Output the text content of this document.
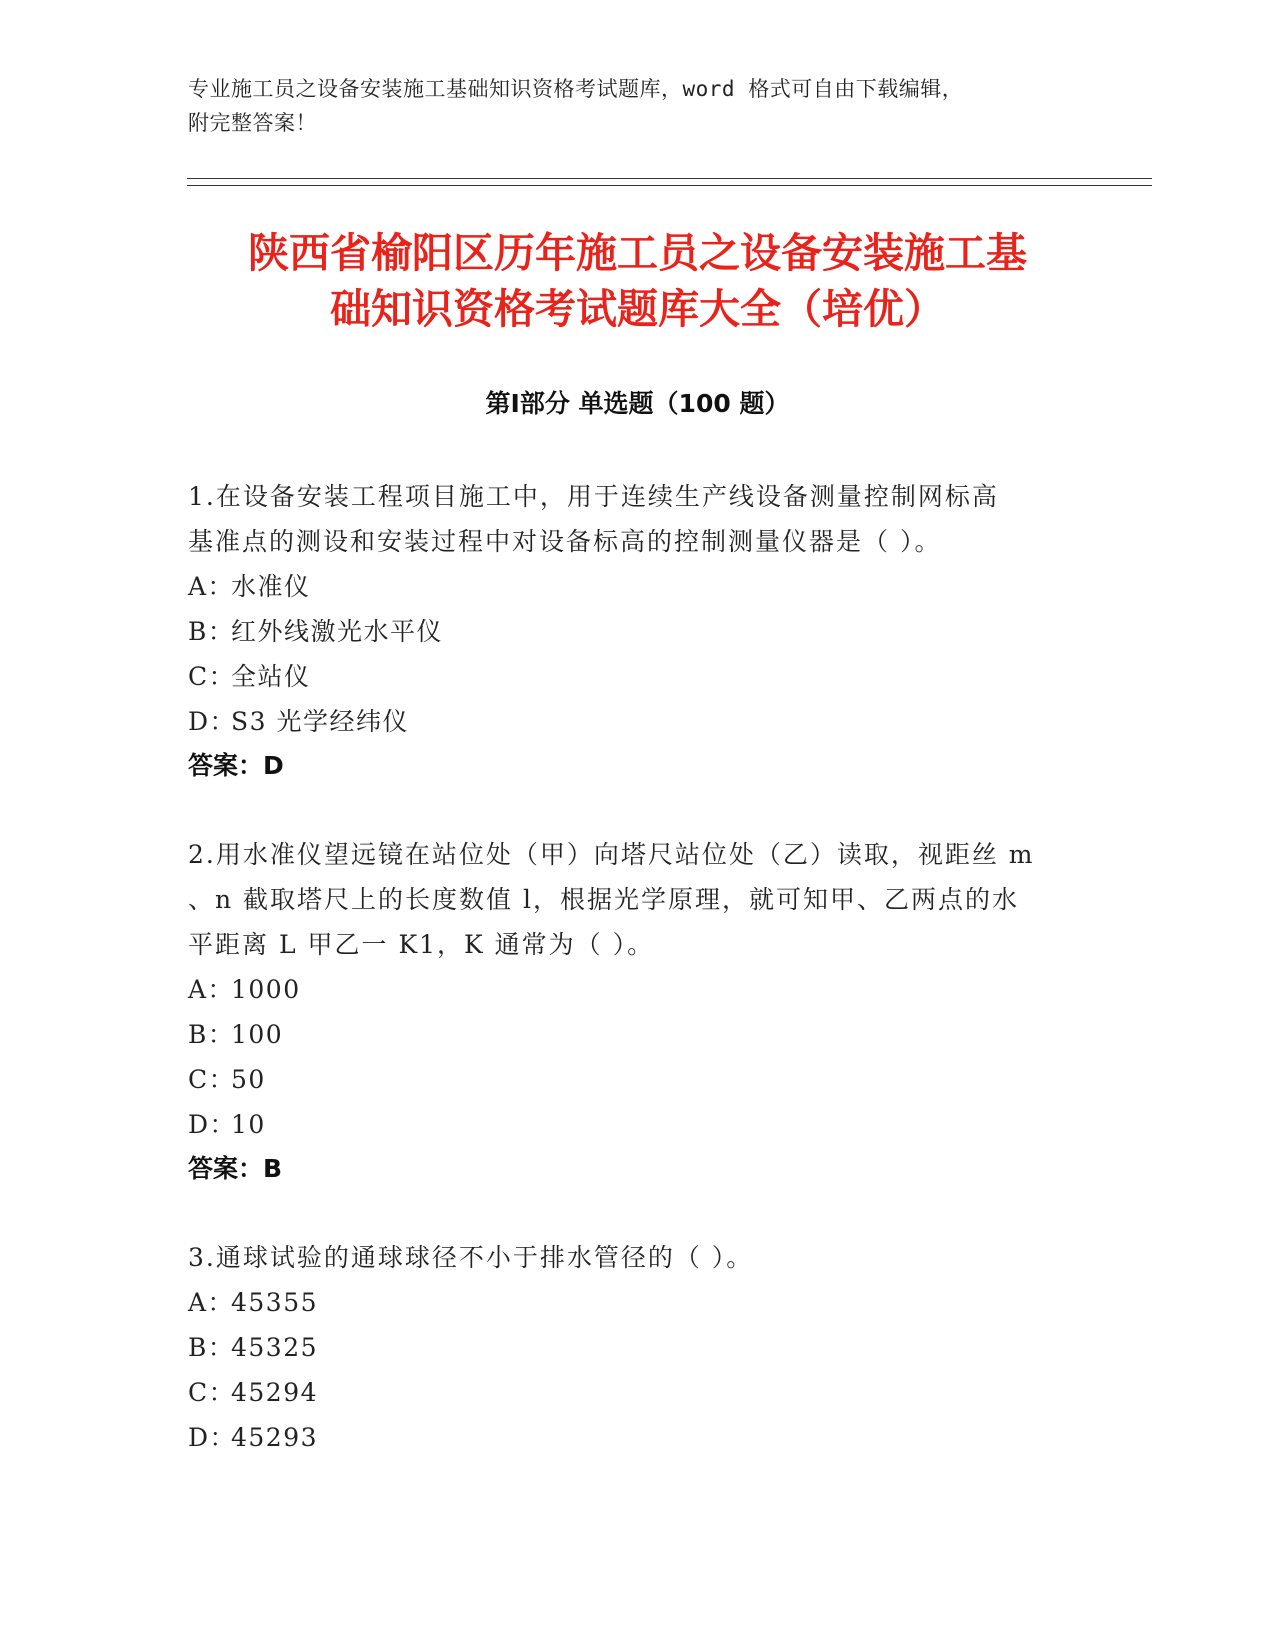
专业施工员之设备安装施工基础知识资格考试题库，word 格式可自由下载编辑，
附完整答案！
陕西省榆阳区历年施工员之设备安装施工基
础知识资格考试题库大全（培优）
第Ⅰ部分 单选题（100 题）

1.在设备安装工程项目施工中，用于连续生产线设备测量控制网标高
基准点的测设和安装过程中对设备标高的控制测量仪器是（ ）。

A：
水准仪
B：
红外线激光水平仪
C：
全站仪
D：
S3 光学经纬仪
答案：D

2.用水准仪望远镜在站位处（甲）向塔尺站位处（乙）读取，视距丝 m
、n 截取塔尺上的长度数值 l，根据光学原理，就可知甲、乙两点的水
平距离 L 甲乙一 K1，K 通常为（ ）。

A：
1000
B：
100
C：
50
D：
10
答案：B

3.通球试验的通球球径不小于排水管径的（ ）。

A：
45355
B：
45325
C：
45294
D：
45293
